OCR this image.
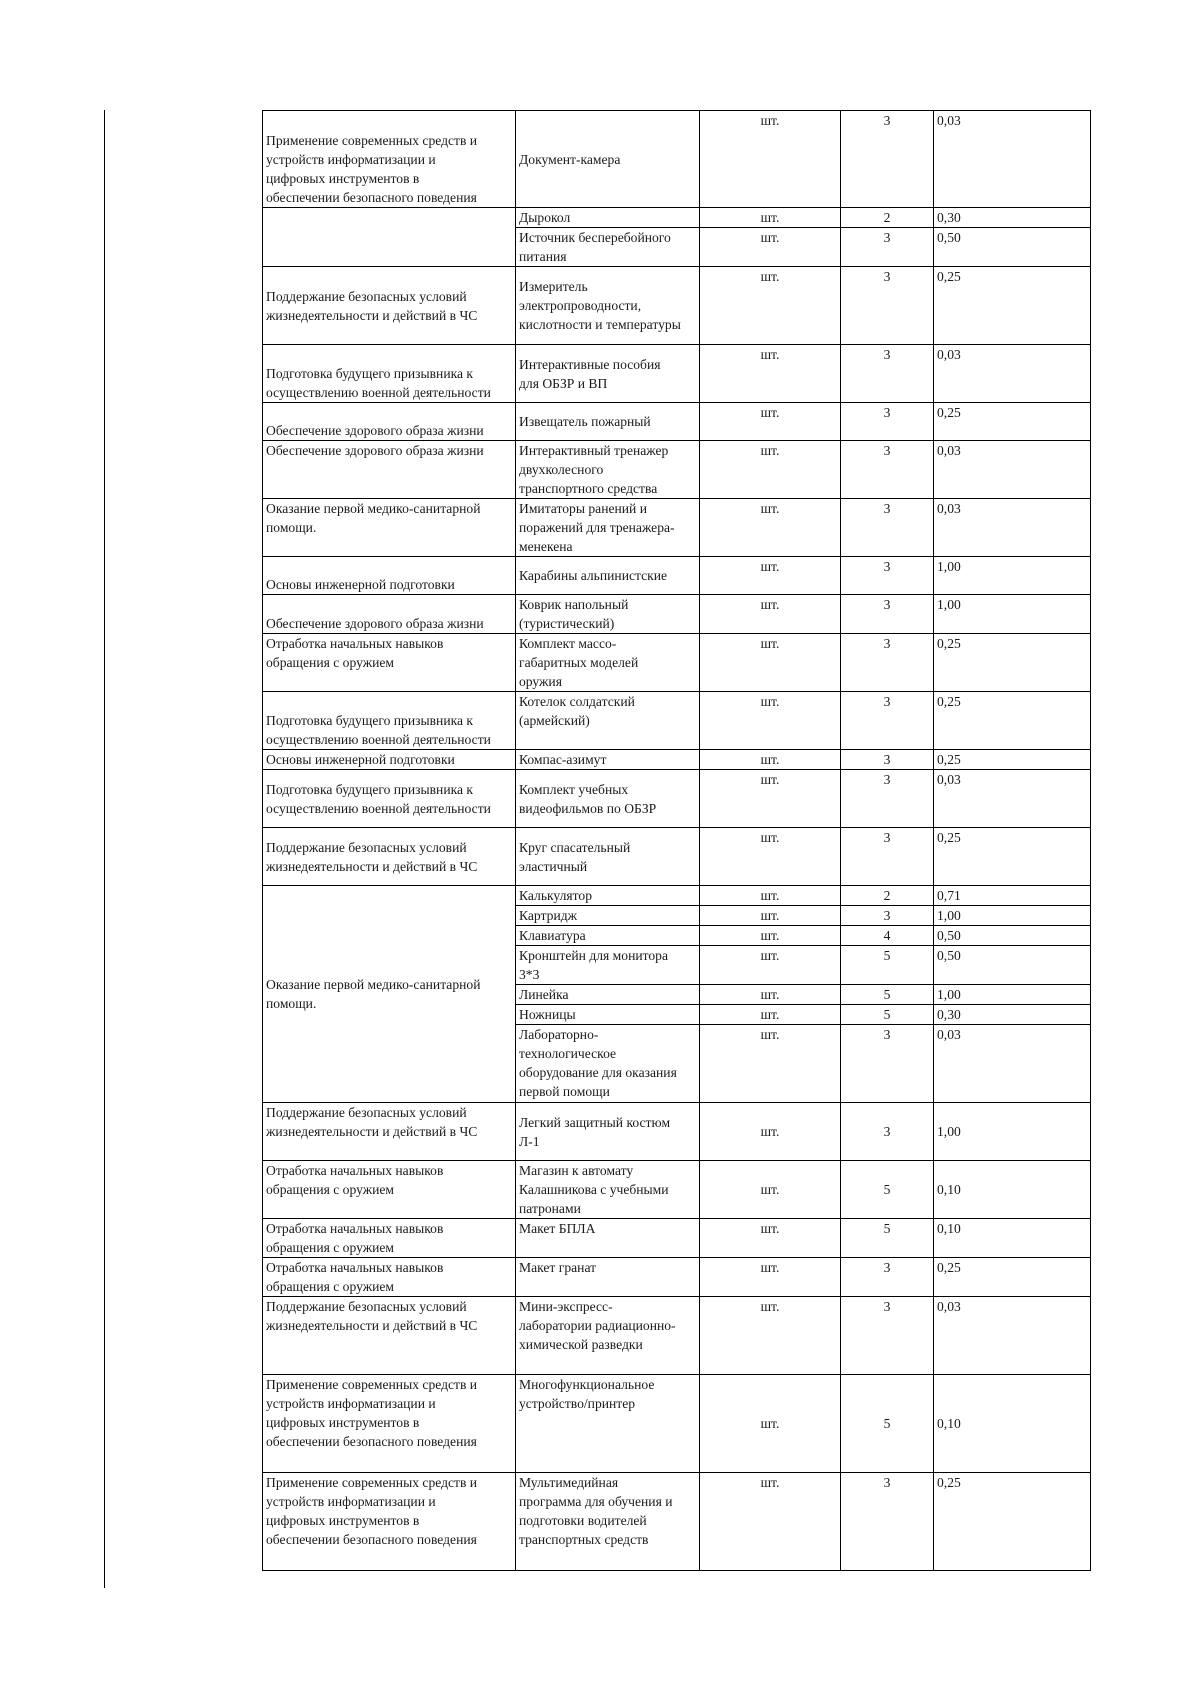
Применение современных средств и
устройств информатизации и
цифровых инструментов в
обеспечении безопасного поведения	Документ-камера	шт.	3	0,03
	Дырокол	шт.	2	0,30
	Источник бесперебойного
питания	шт.	3	0,50
Поддержание безопасных условий
жизнедеятельности и действий в ЧС	Измеритель
электропроводности,
кислотности и температуры	шт.	3	0,25
Подготовка будущего призывника к
осуществлению военной деятельности	Интерактивные пособия
для ОБЗР и ВП	шт.	3	0,03
Обеспечение здорового образа жизни	Извещатель пожарный	шт.	3	0,25
Обеспечение здорового образа жизни	Интерактивный тренажер
двухколесного
транспортного средства	шт.	3	0,03
Оказание первой медико-санитарной
помощи.	Имитаторы ранений и
поражений для тренажера-
менекена	шт.	3	0,03
Основы инженерной подготовки	Карабины альпинистские	шт.	3	1,00
Обеспечение здорового образа жизни	Коврик напольный
(туристический)	шт.	3	1,00
Отработка начальных навыков
обращения с оружием	Комплект массо-
габаритных моделей
оружия	шт.	3	0,25
Подготовка будущего призывника к
осуществлению военной деятельности	Котелок солдатский
(армейский)	шт.	3	0,25
Основы инженерной подготовки	Компас-азимут	шт.	3	0,25
Подготовка будущего призывника к
осуществлению военной деятельности	Комплект учебных
видеофильмов по ОБЗР	шт.	3	0,03
Поддержание безопасных условий
жизнедеятельности и действий в ЧС	Круг спасательный
эластичный	шт.	3	0,25
Оказание первой медико-санитарной
помощи.	Калькулятор	шт.	2	0,71
	Картридж	шт.	3	1,00
	Клавиатура	шт.	4	0,50
	Кронштейн для монитора
3*3	шт.	5	0,50
	Линейка	шт.	5	1,00
	Ножницы	шт.	5	0,30
	Лабораторно-
технологическое
оборудование для оказания
первой помощи	шт.	3	0,03
Поддержание безопасных условий
жизнедеятельности и действий в ЧС	Легкий защитный костюм
Л-1	шт.	3	1,00
Отработка начальных навыков
обращения с оружием	Магазин к автомату
Калашникова с учебными
патронами	шт.	5	0,10
Отработка начальных навыков
обращения с оружием	Макет БПЛА	шт.	5	0,10
Отработка начальных навыков
обращения с оружием	Макет гранат	шт.	3	0,25
Поддержание безопасных условий
жизнедеятельности и действий в ЧС	Мини-экспресс-
лаборатории радиационно-
химической разведки	шт.	3	0,03
Применение современных средств и
устройств информатизации и
цифровых инструментов в
обеспечении безопасного поведения	Многофункциональное
устройство/принтер	шт.	5	0,10
Применение современных средств и
устройств информатизации и
цифровых инструментов в
обеспечении безопасного поведения	Мультимедийная
программа для обучения и
подготовки водителей
транспортных средств	шт.	3	0,25
